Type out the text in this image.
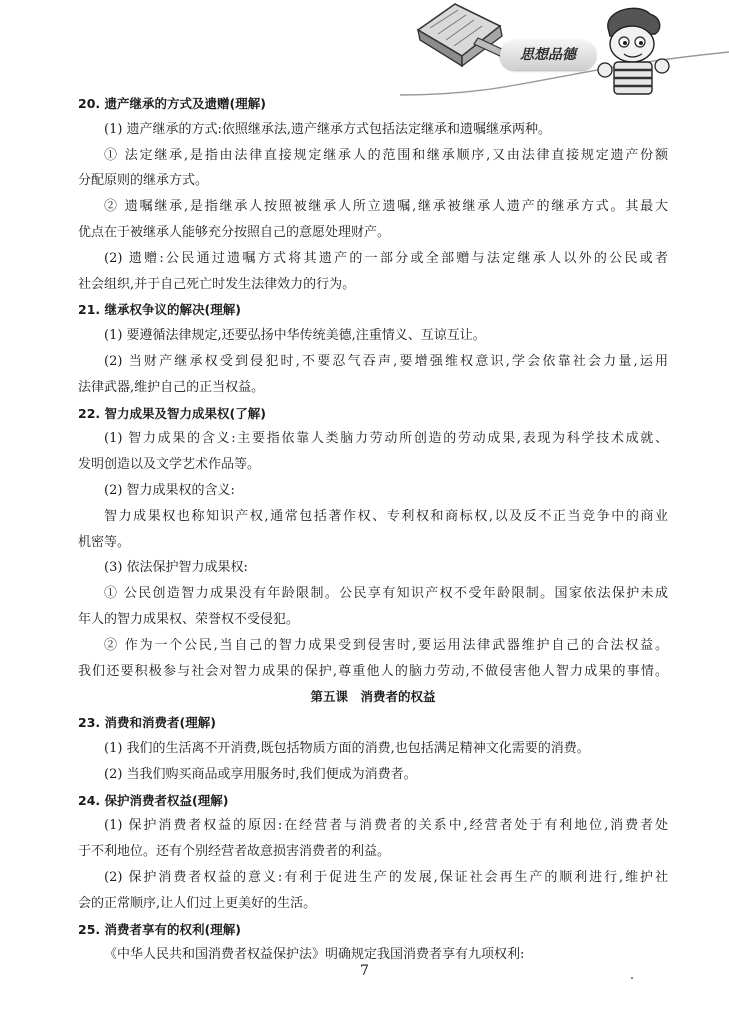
思想品德
20. 遗产继承的方式及遗赠(理解)
(1) 遗产继承的方式:依照继承法,遗产继承方式包括法定继承和遗嘱继承两种。
① 法定继承,是指由法律直接规定继承人的范围和继承顺序,又由法律直接规定遗产份额
分配原则的继承方式。
② 遗嘱继承,是指继承人按照被继承人所立遗嘱,继承被继承人遗产的继承方式。其最大
优点在于被继承人能够充分按照自己的意愿处理财产。
(2) 遗赠:公民通过遗嘱方式将其遗产的一部分或全部赠与法定继承人以外的公民或者
社会组织,并于自己死亡时发生法律效力的行为。
21. 继承权争议的解决(理解)
(1) 要遵循法律规定,还要弘扬中华传统美德,注重情义、互谅互让。
(2) 当财产继承权受到侵犯时,不要忍气吞声,要增强维权意识,学会依靠社会力量,运用
法律武器,维护自己的正当权益。
22. 智力成果及智力成果权(了解)
(1) 智力成果的含义:主要指依靠人类脑力劳动所创造的劳动成果,表现为科学技术成就、
发明创造以及文学艺术作品等。
(2) 智力成果权的含义:
智力成果权也称知识产权,通常包括著作权、专利权和商标权,以及反不正当竞争中的商业
机密等。
(3) 依法保护智力成果权:
① 公民创造智力成果没有年龄限制。公民享有知识产权不受年龄限制。国家依法保护未成
年人的智力成果权、荣誉权不受侵犯。
② 作为一个公民,当自己的智力成果受到侵害时,要运用法律武器维护自己的合法权益。
我们还要积极参与社会对智力成果的保护,尊重他人的脑力劳动,不做侵害他人智力成果的事情。
第五课　消费者的权益
23. 消费和消费者(理解)
(1) 我们的生活离不开消费,既包括物质方面的消费,也包括满足精神文化需要的消费。
(2) 当我们购买商品或享用服务时,我们便成为消费者。
24. 保护消费者权益(理解)
(1) 保护消费者权益的原因:在经营者与消费者的关系中,经营者处于有利地位,消费者处
于不利地位。还有个别经营者故意损害消费者的利益。
(2) 保护消费者权益的意义:有利于促进生产的发展,保证社会再生产的顺利进行,维护社
会的正常顺序,让人们过上更美好的生活。
25. 消费者享有的权利(理解)
《中华人民共和国消费者权益保护法》明确规定我国消费者享有九项权利:
7
